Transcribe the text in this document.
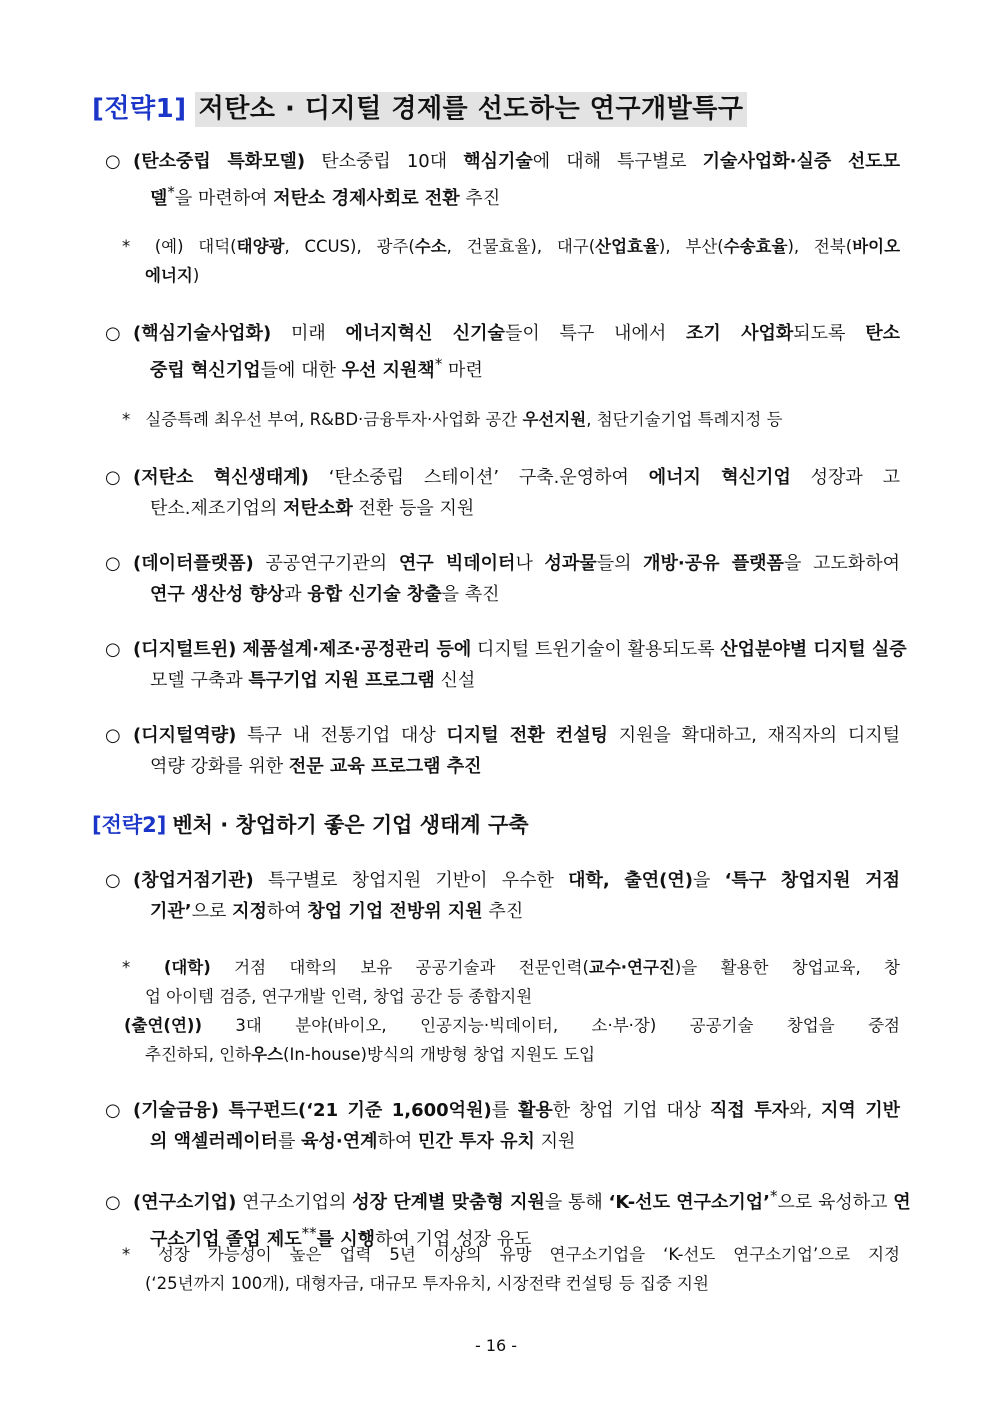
[전략1] 저탄소 · 디지털 경제를 선도하는 연구개발특구
○ (탄소중립 특화모델) 탄소중립 10대 핵심기술에 대해 특구별로 기술사업화·실증 선도모
델*을 마련하여 저탄소 경제사회로 전환 추진
* (예) 대덕(태양광, CCUS), 광주(수소, 건물효율), 대구(산업효율), 부산(수송효율), 전북(바이오
에너지)
○ (핵심기술사업화) 미래 에너지혁신 신기술들이 특구 내에서 조기 사업화되도록 탄소
중립 혁신기업들에 대한 우선 지원책* 마련
* 실증특례 최우선 부여, R&BD·금융투자·사업화 공간 우선지원, 첨단기술기업 특례지정 등
○ (저탄소 혁신생태계) ‘탄소중립 스테이션’ 구축.운영하여 에너지 혁신기업 성장과 고
탄소.제조기업의 저탄소화 전환 등을 지원
○ (데이터플랫폼) 공공연구기관의 연구 빅데이터나 성과물들의 개방·공유 플랫폼을 고도화하여
연구 생산성 향상과 융합 신기술 창출을 촉진
○ (디지털트윈) 제품설계·제조·공정관리 등에 디지털 트윈기술이 활용되도록 산업분야별 디지털 실증
모델 구축과 특구기업 지원 프로그램 신설
○ (디지털역량) 특구 내 전통기업 대상 디지털 전환 컨설팅 지원을 확대하고, 재직자의 디지털
역량 강화를 위한 전문 교육 프로그램 추진
[전략2] 벤처 · 창업하기 좋은 기업 생태계 구축
○ (창업거점기관) 특구별로 창업지원 기반이 우수한 대학, 출연(연)을 ‘특구 창업지원 거점
기관’으로 지정하여 창업 기업 전방위 지원 추진
* (대학) 거점 대학의 보유 공공기술과 전문인력(교수·연구진)을 활용한 창업교육, 창
업 아이템 검증, 연구개발 인력, 창업 공간 등 종합지원
(출연(연)) 3대 분야(바이오, 인공지능·빅데이터, 소·부·장) 공공기술 창업을 중점
추진하되, 인하우스(In-house)방식의 개방형 창업 지원도 도입
○ (기술금융) 특구펀드(‘21 기준 1,600억원)를 활용한 창업 기업 대상 직접 투자와, 지역 기반
의 액셀러레이터를 육성·연계하여 민간 투자 유치 지원
○ (연구소기업) 연구소기업의 성장 단계별 맞춤형 지원을 통해 ‘K-선도 연구소기업’*으로 육성하고 연
구소기업 졸업 제도**를 시행하여 기업 성장 유도
* 성장 가능성이 높은 업력 5년 이상의 유망 연구소기업을 ‘K-선도 연구소기업’으로 지정
(‘25년까지 100개), 대형자금, 대규모 투자유치, 시장전략 컨설팅 등 집중 지원
- 16 -
